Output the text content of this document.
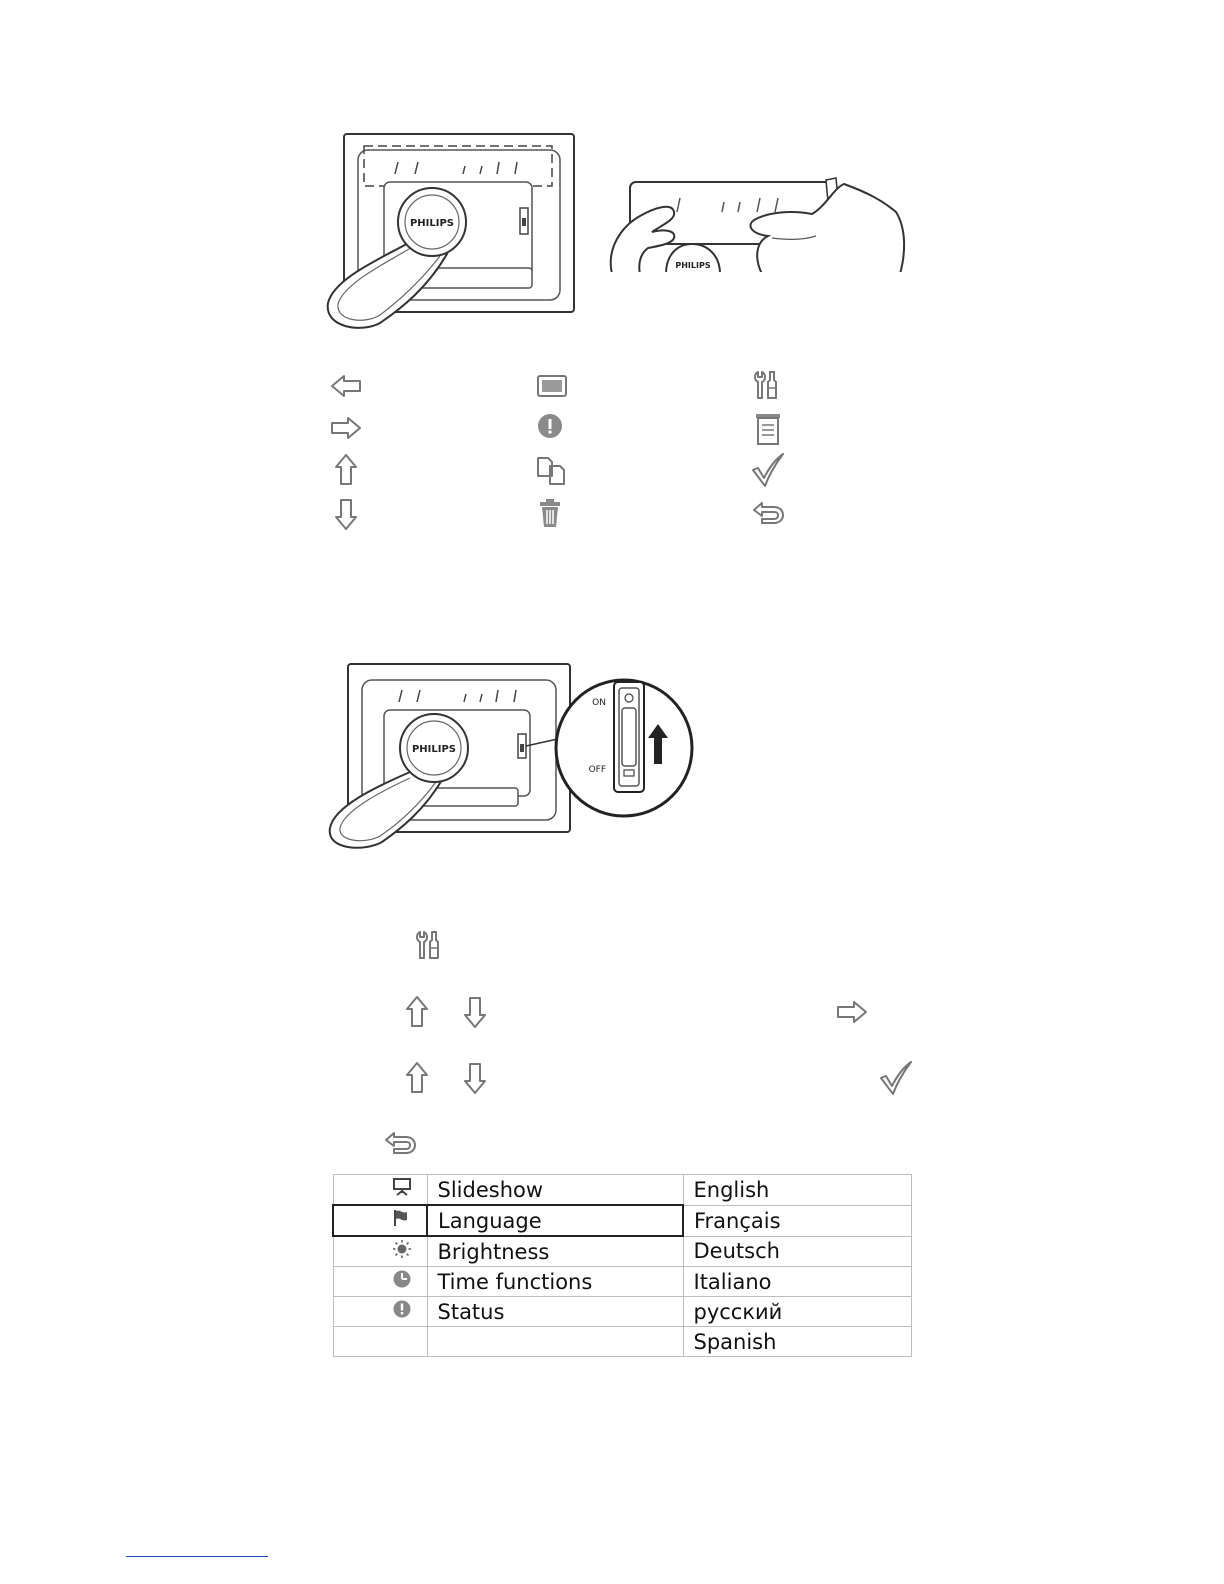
PHILIPS
PHILIPS
PHILIPS
ON
OFF
	Slideshow	English
	Language	Français
	Brightness	Deutsch
	Time functions	Italiano
	Status	русский
		Spanish
